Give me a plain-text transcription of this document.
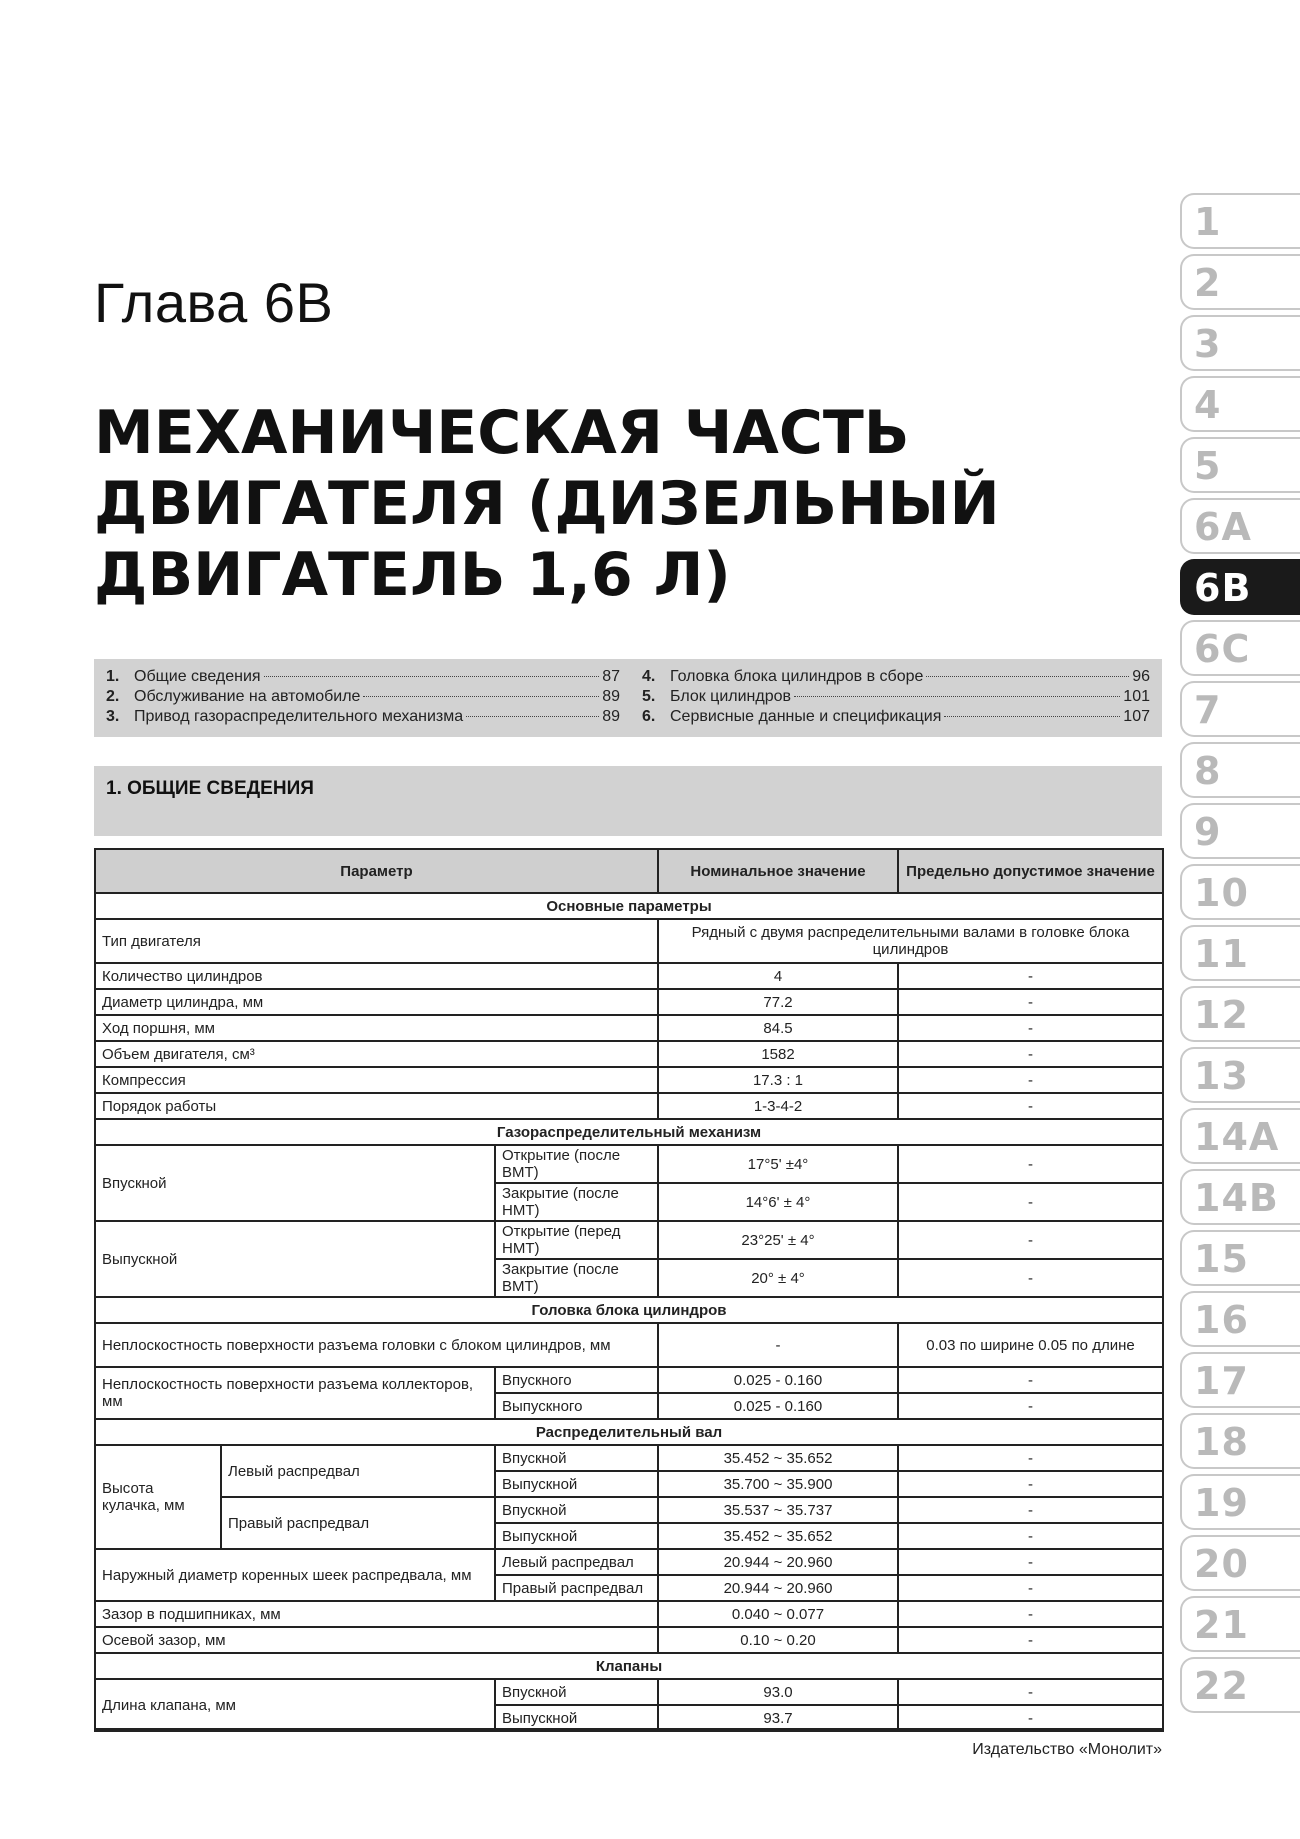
Глава 6В
МЕХАНИЧЕСКАЯ ЧАСТЬ
ДВИГАТЕЛЯ (ДИЗЕЛЬНЫЙ
ДВИГАТЕЛЬ 1,6 Л)
1
2
3
4
5
6А
6В
6С
7
8
9
10
11
12
13
14А
14В
15
16
17
18
19
20
21
22
1. Общие сведения	87
2. Обслуживание на автомобиле	89
3. Привод газораспределительного механизма	89
4. Головка блока цилиндров в сборе	96
5. Блок цилиндров	101
6. Сервисные данные и спецификация	107
1. ОБЩИЕ СВЕДЕНИЯ
Параметр			Номинальное значение	Предельно допустимое значение
Основные параметры				
Тип двигателя			Рядный с двумя распределительными валами в головке блока цилиндров	
Количество цилиндров			4	-
Диаметр цилиндра, мм			77.2	-
Ход поршня, мм			84.5	-
Объем двигателя, см³			1582	-
Компрессия			17.3 : 1	-
Порядок работы			1-3-4-2	-
Газораспределительный механизм				
Впускной		Открытие (после ВМТ)	17°5' ±4°	-
		Закрытие (после НМТ)	14°6' ± 4°	-
Выпускной		Открытие (перед НМТ)	23°25' ± 4°	-
		Закрытие (после ВМТ)	20° ± 4°	-
Головка блока цилиндров				
Неплоскостность поверхности разъема головки с блоком цилиндров, мм			-	0.03 по ширине 0.05 по длине
Неплоскостность поверхности разъема коллекторов, мм		Впускного	0.025 - 0.160	-
		Выпускного	0.025 - 0.160	-
Распределительный вал				
Высота кулачка, мм	Левый распредвал	Впускной	35.452 ~ 35.652	-
		Выпускной	35.700 ~ 35.900	-
	Правый распредвал	Впускной	35.537 ~ 35.737	-
		Выпускной	35.452 ~ 35.652	-
Наружный диаметр коренных шеек распредвала, мм		Левый распредвал	20.944 ~ 20.960	-
		Правый распредвал	20.944 ~ 20.960	-
Зазор в подшипниках, мм			0.040 ~ 0.077	-
Осевой зазор, мм			0.10 ~ 0.20	-
Клапаны				
Длина клапана, мм		Впускной	93.0	-
		Выпускной	93.7	-
Издательство «Монолит»
